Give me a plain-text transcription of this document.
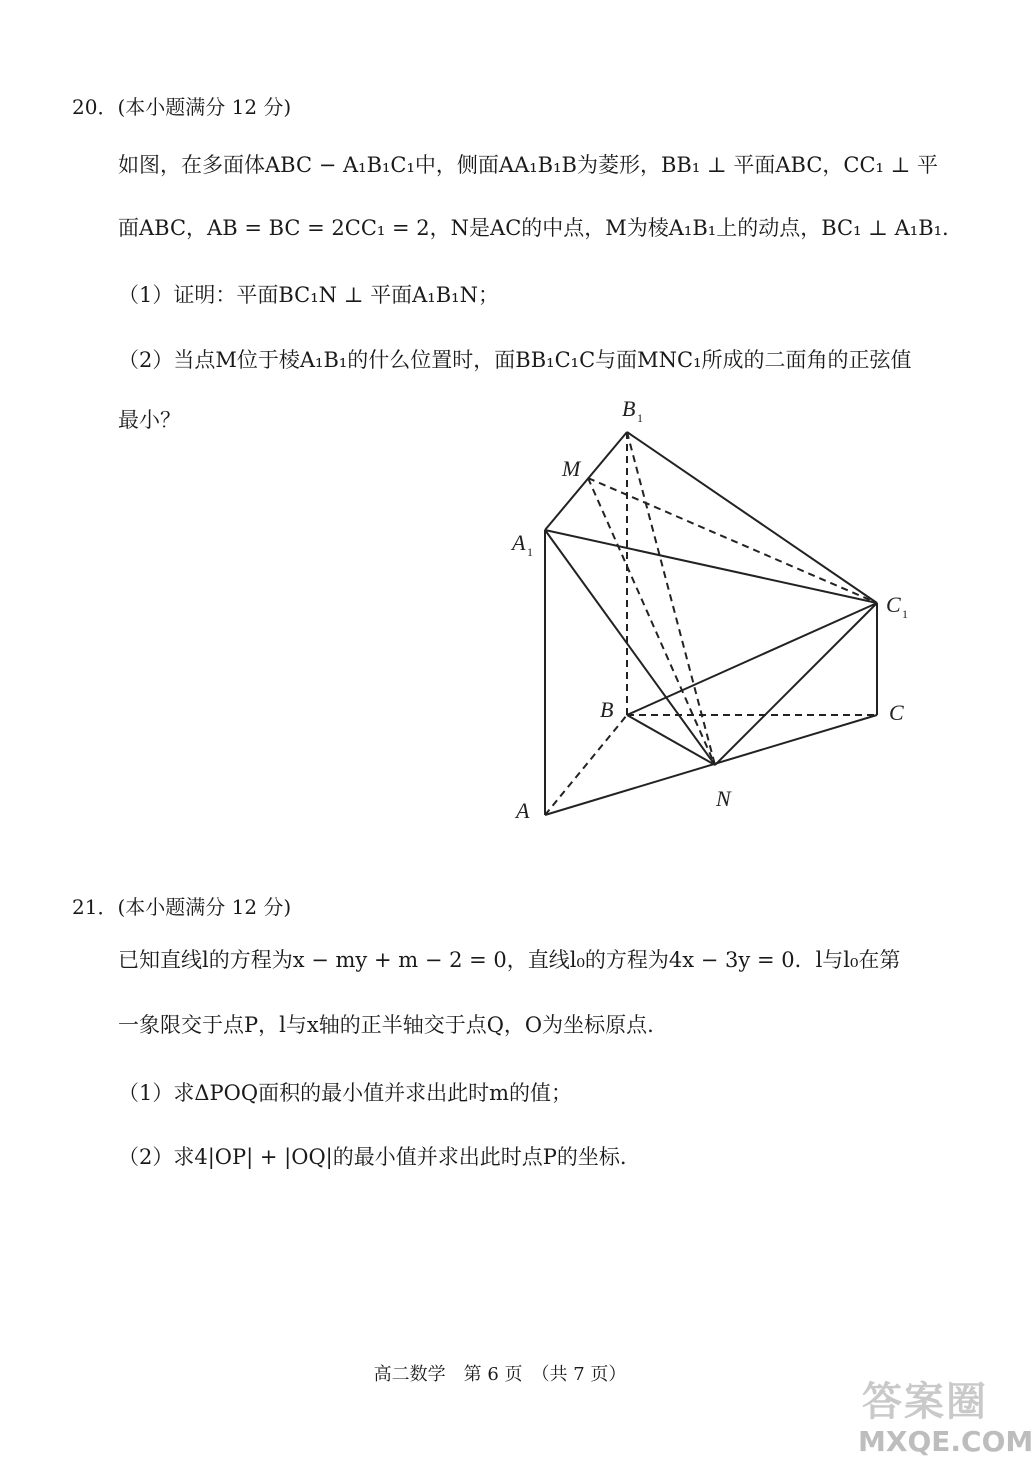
20．(本小题满分 12 分)
如图，在多面体ABC − A₁B₁C₁中，侧面AA₁B₁B为菱形，BB₁ ⊥ 平面ABC，CC₁ ⊥ 平
面ABC，AB = BC = 2CC₁ = 2，N是AC的中点，M为棱A₁B₁上的动点，BC₁ ⊥ A₁B₁.
（1）证明：平面BC₁N ⊥ 平面A₁B₁N；
（2）当点M位于棱A₁B₁的什么位置时，面BB₁C₁C与面MNC₁所成的二面角的正弦值
最小？	B 1
M
A 1
C 1
B	C
N
A
21．(本小题满分 12 分)
已知直线l的方程为x − my + m − 2 = 0，直线l₀的方程为4x − 3y = 0．l与l₀在第
一象限交于点P，l与x轴的正半轴交于点Q，O为坐标原点.
（1）求ΔPOQ面积的最小值并求出此时m的值；
（2）求4|OP| + |OQ|的最小值并求出此时点P的坐标.
高二数学　第 6 页　（共 7 页）
答案圈
MXQE.COM
